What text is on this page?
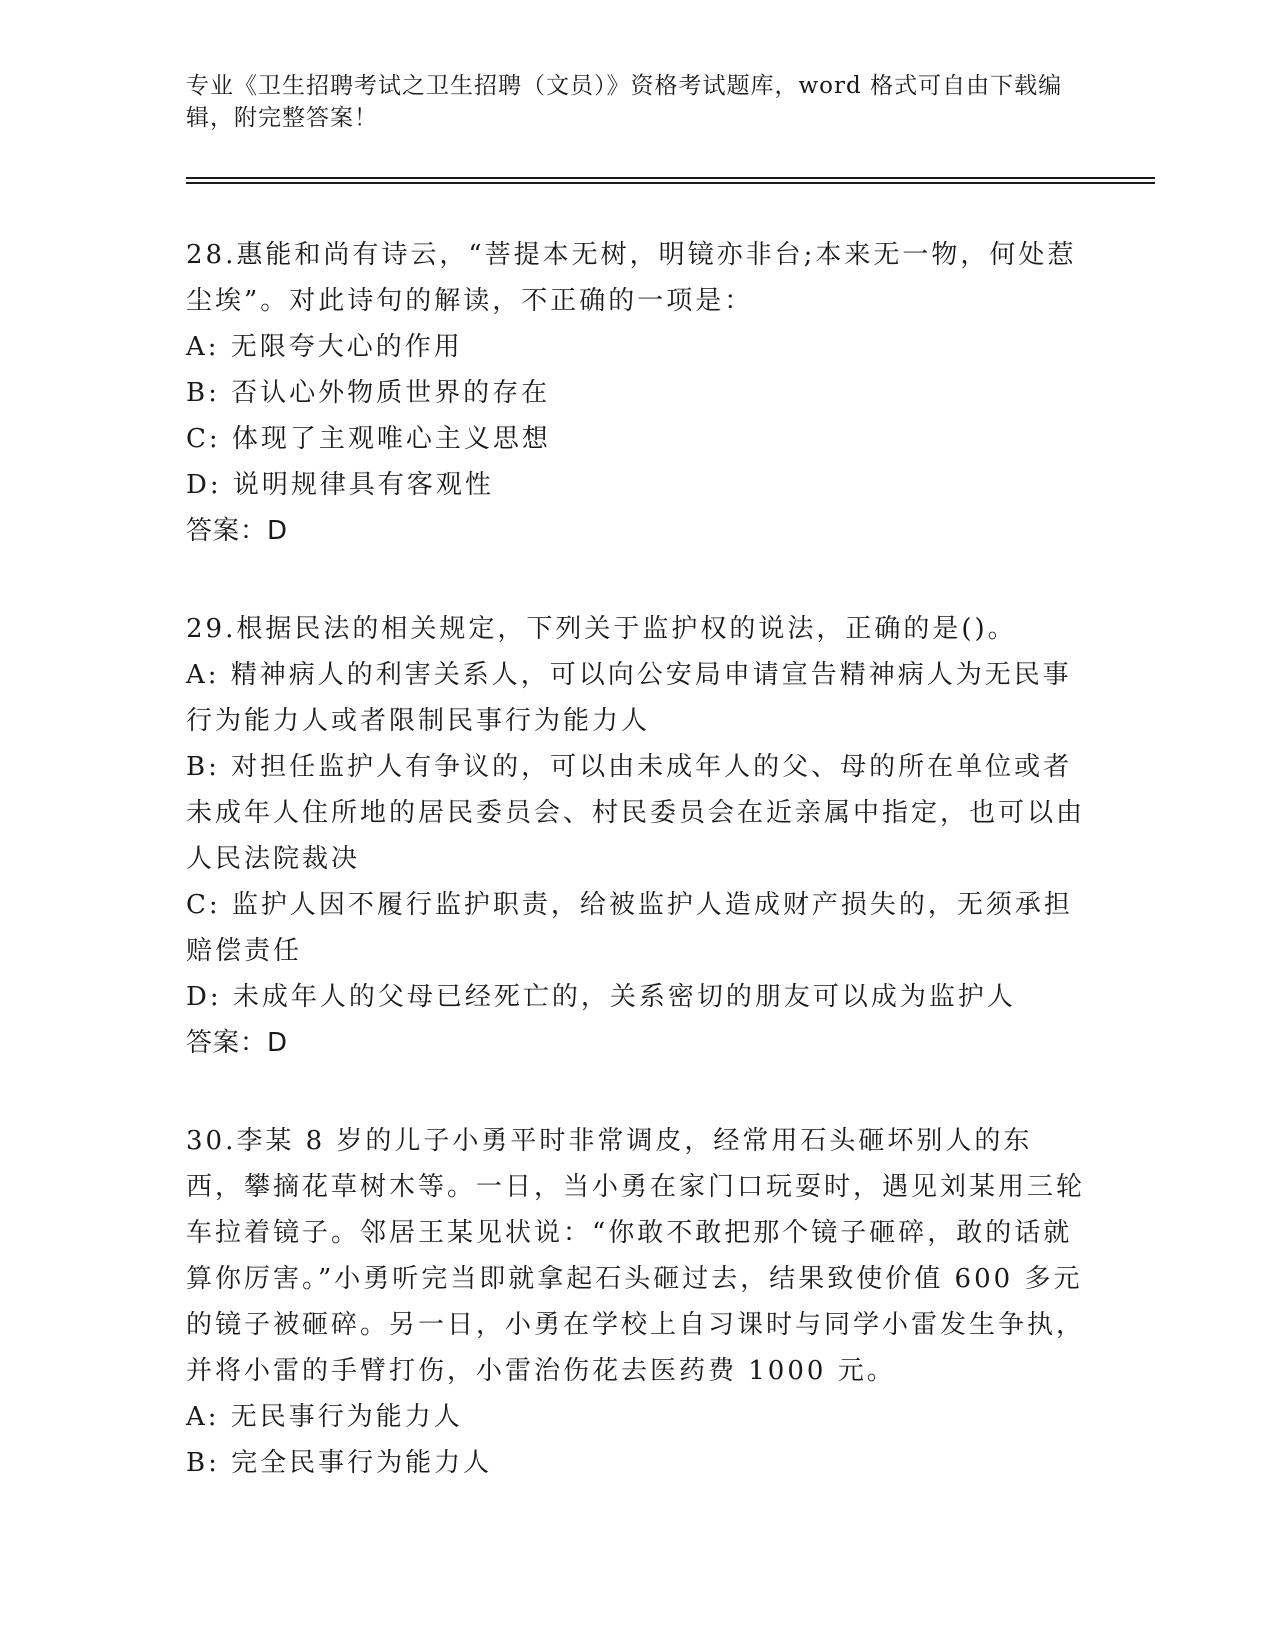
专业《卫生招聘考试之卫生招聘（文员）》资格考试题库，word 格式可自由下载编辑，附完整答案！

28.惠能和尚有诗云，“菩提本无树，明镜亦非台;本来无一物，何处惹尘埃”。对此诗句的解读，不正确的一项是：

A: 无限夸大心的作用

B: 否认心外物质世界的存在

C: 体现了主观唯心主义思想

D: 说明规律具有客观性

答案：D

29.根据民法的相关规定，下列关于监护权的说法，正确的是()。

A: 精神病人的利害关系人，可以向公安局申请宣告精神病人为无民事行为能力人或者限制民事行为能力人

B: 对担任监护人有争议的，可以由未成年人的父、母的所在单位或者未成年人住所地的居民委员会、村民委员会在近亲属中指定，也可以由人民法院裁决

C: 监护人因不履行监护职责，给被监护人造成财产损失的，无须承担赔偿责任

D: 未成年人的父母已经死亡的，关系密切的朋友可以成为监护人

答案：D

30.李某 8 岁的儿子小勇平时非常调皮，经常用石头砸坏别人的东西，攀摘花草树木等。一日，当小勇在家门口玩耍时，遇见刘某用三轮车拉着镜子。邻居王某见状说：“你敢不敢把那个镜子砸碎，敢的话就算你厉害。”小勇听完当即就拿起石头砸过去，结果致使价值 600 多元的镜子被砸碎。另一日，小勇在学校上自习课时与同学小雷发生争执，并将小雷的手臂打伤，小雷治伤花去医药费 1000 元。

A: 无民事行为能力人

B: 完全民事行为能力人
